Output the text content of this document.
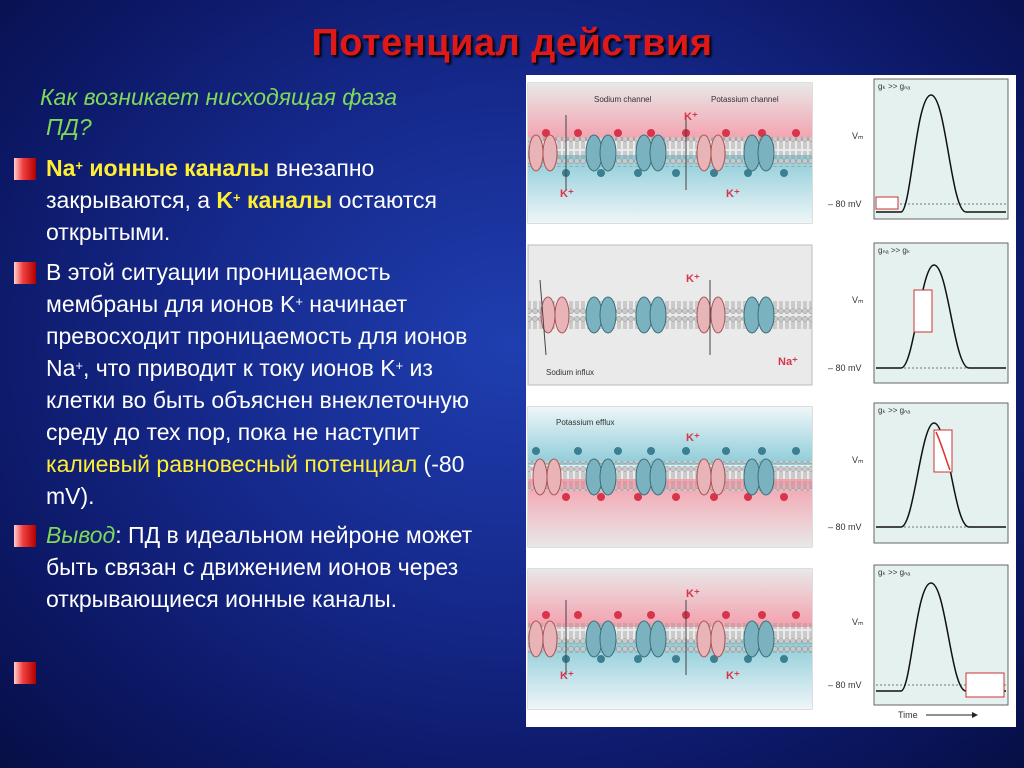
Потенциал действия
Как возникает нисходящая фаза
ПД?
Na+ ионные каналы внезапно закрываются, а K+ каналы остаются открытыми.
В этой ситуации проницаемость мембраны для ионов K+ начинает превосходит проницаемость для ионов Na+, что приводит к току ионов K+ из клетки во быть объяснен внеклеточную среду до тех пор, пока не наступит калиевый равновесный потенциал (-80 mV).
Вывод: ПД в идеальном нейроне может быть связан с движением ионов через открывающиеся ионные каналы.
Sodium channel	Potassium channel
K⁺
K⁺	K⁺
gₖ >> gₙₐ
Vₘ
– 80 mV
K⁺
Na⁺
Sodium influx
gₙₐ >> gₖ
Vₘ
– 80 mV
Potassium efflux
K⁺
gₖ >> gₙₐ
Vₘ
– 80 mV
K⁺
K⁺	K⁺
gₖ >> gₙₐ
Vₘ
– 80 mV
Time
